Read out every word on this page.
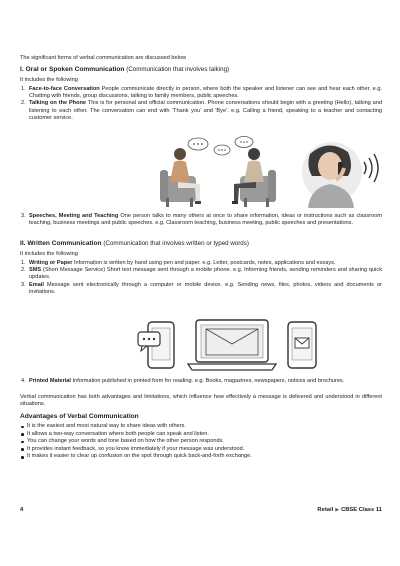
The significant forms of verbal communication are discussed below

I. Oral or Spoken Communication (Communication that involves talking)

It includes the following

1. Face-to-face Conversation People communicate directly in person, where both the speaker and listener can see and hear each other. e.g. Chatting with friends, group discussions, talking to family members, public speeches.
2. Talking on the Phone This is for personal and official communication. Phone conversations should begin with a greeting (Hello), talking and listening to each other. The conversation can end with 'Thank you' and 'Bye'. e.g. Calling a friend, speaking to a teacher and contacting customer service.
3. Speeches, Meeting and Teaching One person talks to many others at once to share information, ideas or instructions such as classroom teaching, business meetings and public speeches. e.g. Classroom teaching, business meeting, public speeches and presentations.
II. Written Communication (Communication that involves written or typed words)

It includes the following

1. Writing or Paper Information is written by hand using pen and paper. e.g. Letter, postcards, notes, applications and essays.
2. SMS (Short Message Service) Short text message sent through a mobile phone. e.g. Informing friends, sending reminders and sharing quick updates.
3. Email Message sent electronically through a computer or mobile device. e.g. Sending news, files, photos, videos and documents or invitations.
4. Printed Material Information published in printed form for reading. e.g. Books, magazines, newspapers, notices and brochures.

Verbal communication has both advantages and limitations, which influence how effectively a message is delivered and understood in different situations.

Advantages of Verbal Communication
It is the easiest and most natural way to share ideas with others.
It allows a two-way conversation where both people can speak and listen.
You can change your words and tone based on how the other person responds.
It provides instant feedback, so you know immediately if your message was understood.
It makes it easier to clear up confusion on the spot through quick back-and-forth exchange.
4	Retail ▶ CBSE Class 11
